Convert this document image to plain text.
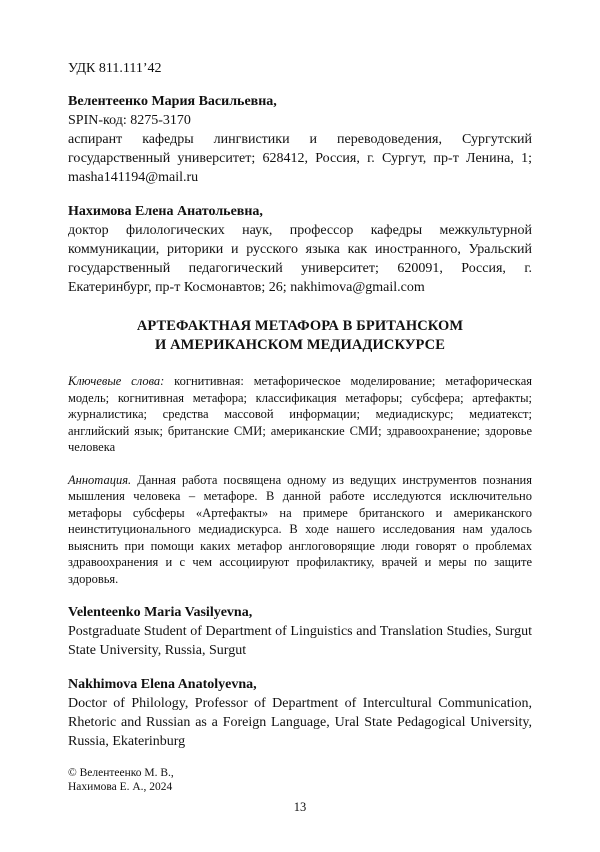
УДК 811.111’42
Велентеенко Мария Васильевна,
SPIN-код: 8275-3170
аспирант кафедры лингвистики и переводоведения, Сургутский государственный университет; 628412, Россия, г. Сургут, пр-т Ленина, 1; masha141194@mail.ru
Нахимова Елена Анатольевна,
доктор филологических наук, профессор кафедры межкультурной коммуникации, риторики и русского языка как иностранного, Уральский государственный педагогический университет; 620091, Россия, г. Екатеринбург, пр-т Космонавтов; 26; nakhimova@gmail.com
АРТЕФАКТНАЯ МЕТАФОРА В БРИТАНСКОМ
И АМЕРИКАНСКОМ МЕДИАДИСКУРСЕ
Ключевые слова: когнитивная: метафорическое моделирование; метафорическая модель; когнитивная метафора; классификация метафоры; субсфера; артефакты; журналистика; средства массовой информации; медиадискурс; медиатекст; английский язык; британские СМИ; американские СМИ; здравоохранение; здоровье человека
Аннотация. Данная работа посвящена одному из ведущих инструментов познания мышления человека – метафоре. В данной работе исследуются исключительно метафоры субсферы «Артефакты» на примере британского и американского неинституционального медиадискурса. В ходе нашего исследования нам удалось выяснить при помощи каких метафор англоговорящие люди говорят о проблемах здравоохранения и с чем ассоциируют профилактику, врачей и меры по защите здоровья.
Velenteenko Maria Vasilyevna,
Postgraduate Student of Department of Linguistics and Translation Studies, Surgut State University, Russia, Surgut
Nakhimova Elena Anatolyevna,
Doctor of Philology, Professor of Department of Intercultural Communication, Rhetoric and Russian as a Foreign Language, Ural State Pedagogical University, Russia, Ekaterinburg
© Велентеенко М. В.,
Нахимова Е. А., 2024
13
